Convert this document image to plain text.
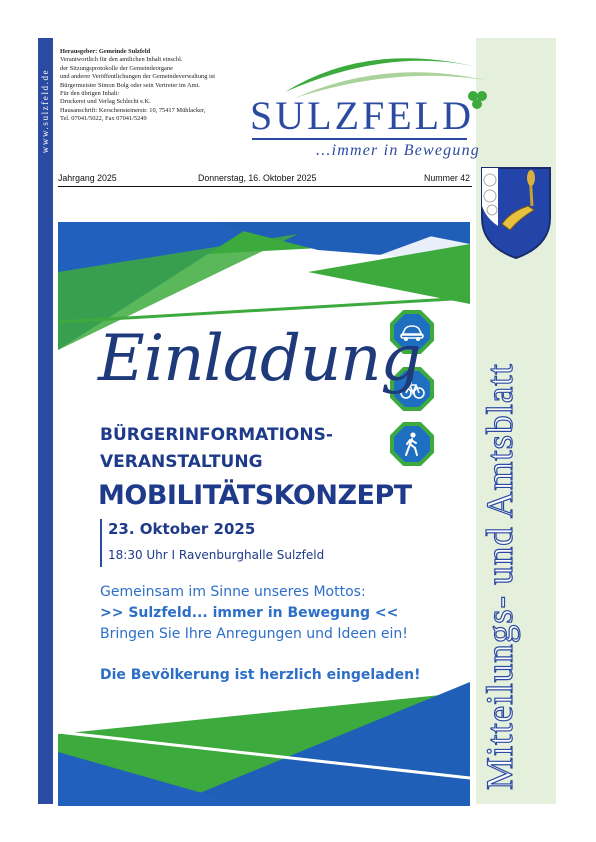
www.sulzfeld.de
Mitteilungs- und Amtsblatt
Herausgeber: Gemeinde Sulzfeld
Verantwortlich für den amtlichen Inhalt einschl.
der Sitzungsprotokolle der Gemeindeorgane
und anderer Veröffentlichungen der Gemeindeverwaltung ist
Bürgermeister Simon Bolg oder sein Vertreter im Amt.
Für den übrigen Inhalt:
Druckerei und Verlag Schlecht e.K.
Hausanschrift: Kerschensteinerstr. 10, 75417 Mühlacker,
Tel. 07041/5022, Fax 07041/5249	SULZFELD
...immer in Bewegung
Jahrgang 2025	Donnerstag, 16. Oktober 2025	Nummer 42
Einladung
BÜRGERINFORMATIONS-
VERANSTALTUNG
MOBILITÄTSKONZEPT
23. Oktober 2025
18:30 Uhr I Ravenburghalle Sulzfeld
Gemeinsam im Sinne unseres Mottos:
>> Sulzfeld... immer in Bewegung <<
Bringen Sie Ihre Anregungen und Ideen ein!
Die Bevölkerung ist herzlich eingeladen!
